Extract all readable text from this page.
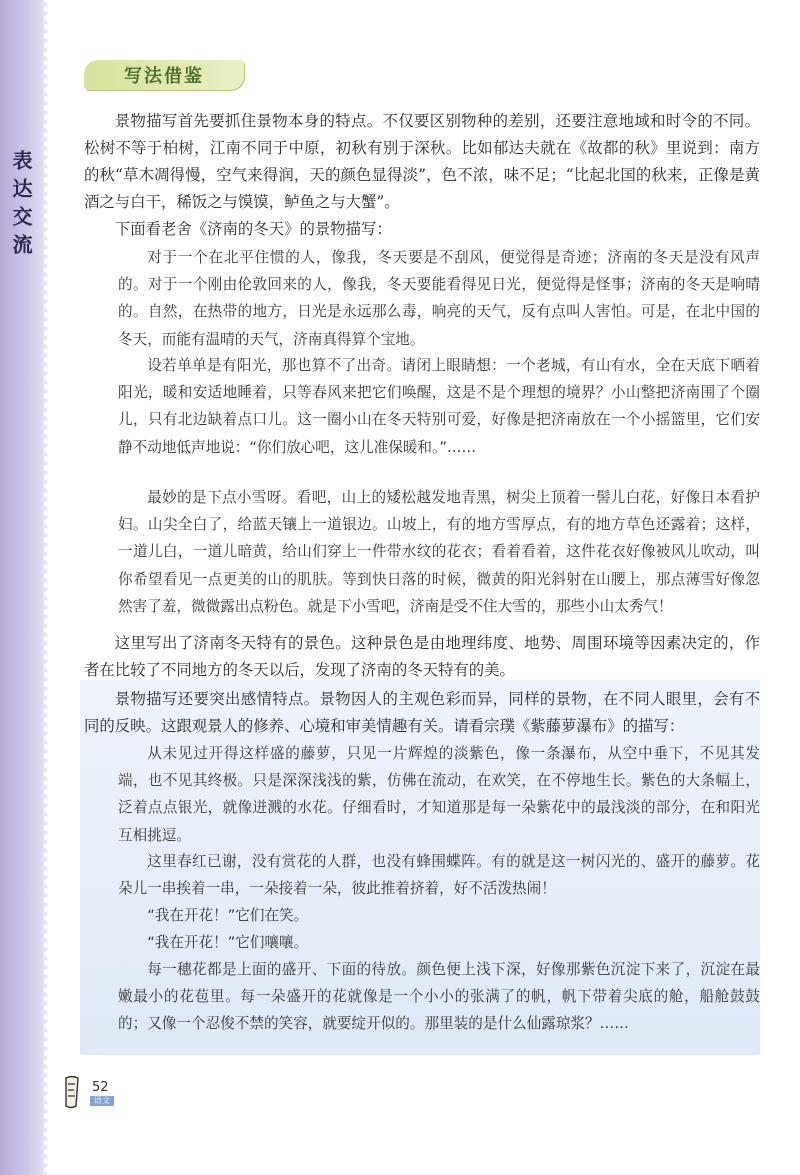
表达交流
写法借鉴

景物描写首先要抓住景物本身的特点。不仅要区别物种的差别，还要注意地域和时令的不同。松树不等于柏树，江南不同于中原，初秋有别于深秋。比如郁达夫就在《故都的秋》里说到：南方的秋“草木凋得慢，空气来得润，天的颜色显得淡”，色不浓，味不足；“比起北国的秋来，正像是黄酒之与白干，稀饭之与馍馍，鲈鱼之与大蟹”。

下面看老舍《济南的冬天》的景物描写：

对于一个在北平住惯的人，像我，冬天要是不刮风，便觉得是奇迹；济南的冬天是没有风声的。对于一个刚由伦敦回来的人，像我，冬天要能看得见日光，便觉得是怪事；济南的冬天是响晴的。自然，在热带的地方，日光是永远那么毒，响亮的天气，反有点叫人害怕。可是，在北中国的冬天，而能有温晴的天气，济南真得算个宝地。

设若单单是有阳光，那也算不了出奇。请闭上眼睛想：一个老城，有山有水，全在天底下晒着阳光，暖和安适地睡着，只等春风来把它们唤醒，这是不是个理想的境界？小山整把济南围了个圈儿，只有北边缺着点口儿。这一圈小山在冬天特别可爱，好像是把济南放在一个小摇篮里，它们安静不动地低声地说：“你们放心吧，这儿准保暖和。”……

最妙的是下点小雪呀。看吧，山上的矮松越发地青黑，树尖上顶着一髻儿白花，好像日本看护妇。山尖全白了，给蓝天镶上一道银边。山坡上，有的地方雪厚点，有的地方草色还露着；这样，一道儿白，一道儿暗黄，给山们穿上一件带水纹的花衣；看着看着，这件花衣好像被风儿吹动，叫你希望看见一点更美的山的肌肤。等到快日落的时候，微黄的阳光斜射在山腰上，那点薄雪好像忽然害了羞，微微露出点粉色。就是下小雪吧，济南是受不住大雪的，那些小山太秀气！

这里写出了济南冬天特有的景色。这种景色是由地理纬度、地势、周围环境等因素决定的，作者在比较了不同地方的冬天以后，发现了济南的冬天特有的美。

景物描写还要突出感情特点。景物因人的主观色彩而异，同样的景物，在不同人眼里，会有不同的反映。这跟观景人的修养、心境和审美情趣有关。请看宗璞《紫藤萝瀑布》的描写：

从未见过开得这样盛的藤萝，只见一片辉煌的淡紫色，像一条瀑布，从空中垂下，不见其发端，也不见其终极。只是深深浅浅的紫，仿佛在流动，在欢笑，在不停地生长。紫色的大条幅上，泛着点点银光，就像迸溅的水花。仔细看时，才知道那是每一朵紫花中的最浅淡的部分，在和阳光互相挑逗。

这里春红已谢，没有赏花的人群，也没有蜂围蝶阵。有的就是这一树闪光的、盛开的藤萝。花朵儿一串挨着一串，一朵接着一朵，彼此推着挤着，好不活泼热闹！

“我在开花！”它们在笑。

“我在开花！”它们嚷嚷。

每一穗花都是上面的盛开、下面的待放。颜色便上浅下深，好像那紫色沉淀下来了，沉淀在最嫩最小的花苞里。每一朵盛开的花就像是一个小小的张满了的帆，帆下带着尖底的舱，船舱鼓鼓的；又像一个忍俊不禁的笑容，就要绽开似的。那里装的是什么仙露琼浆？……

52
语文
